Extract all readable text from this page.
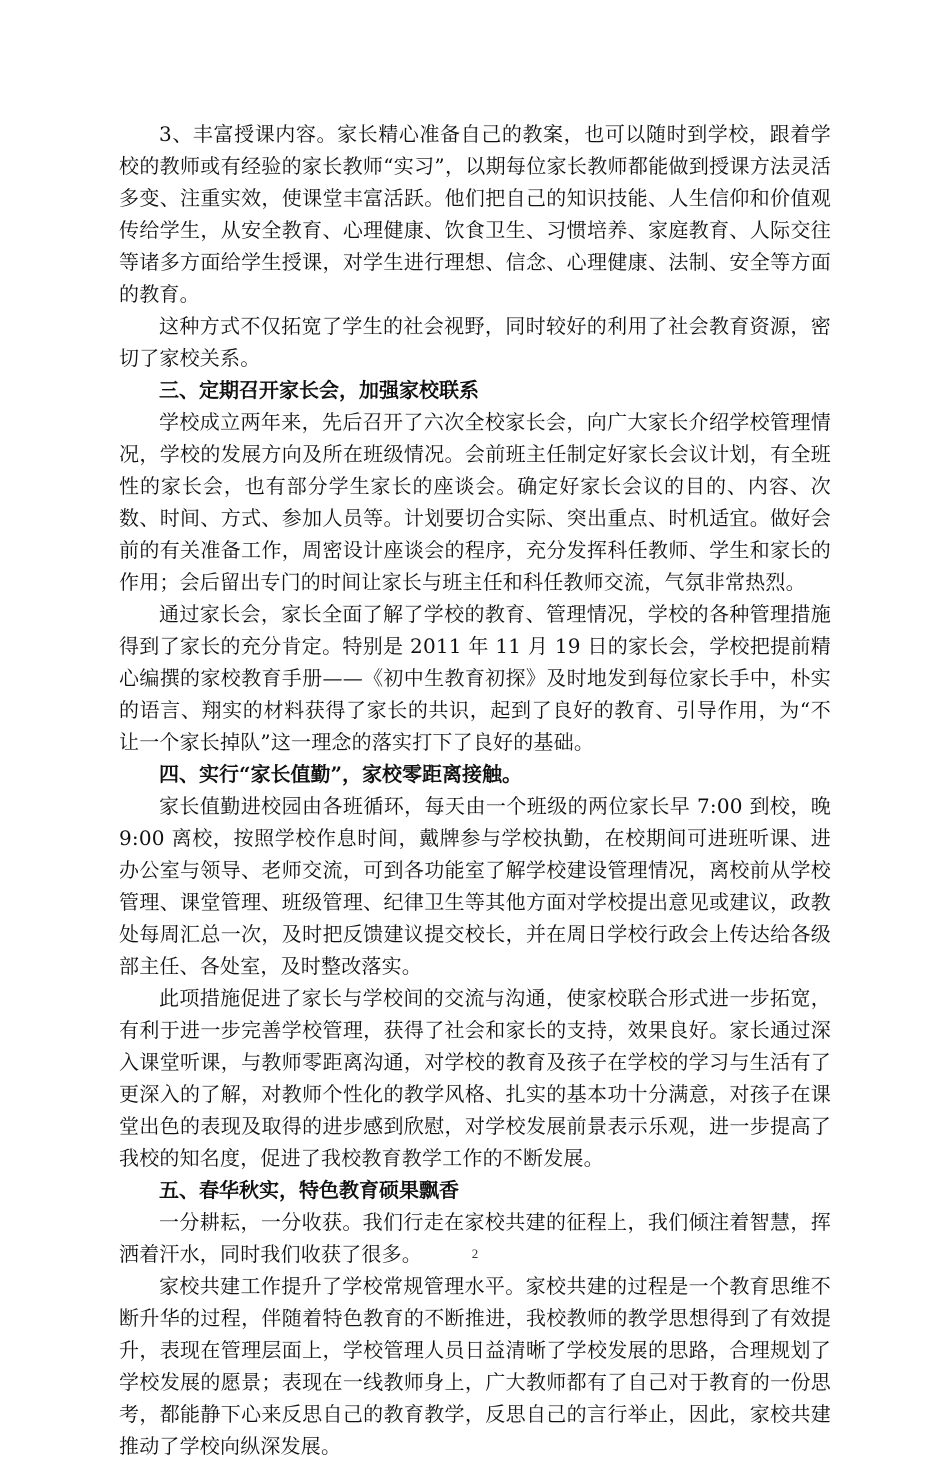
3、丰富授课内容。家长精心准备自己的教案，也可以随时到学校，跟着学校的教师或有经验的家长教师“实习”，以期每位家长教师都能做到授课方法灵活多变、注重实效，使课堂丰富活跃。他们把自己的知识技能、人生信仰和价值观传给学生，从安全教育、心理健康、饮食卫生、习惯培养、家庭教育、人际交往等诸多方面给学生授课，对学生进行理想、信念、心理健康、法制、安全等方面的教育。

这种方式不仅拓宽了学生的社会视野，同时较好的利用了社会教育资源，密切了家校关系。

三、定期召开家长会，加强家校联系

学校成立两年来，先后召开了六次全校家长会，向广大家长介绍学校管理情况，学校的发展方向及所在班级情况。会前班主任制定好家长会议计划，有全班性的家长会，也有部分学生家长的座谈会。确定好家长会议的目的、内容、次数、时间、方式、参加人员等。计划要切合实际、突出重点、时机适宜。做好会前的有关准备工作，周密设计座谈会的程序，充分发挥科任教师、学生和家长的作用；会后留出专门的时间让家长与班主任和科任教师交流，气氛非常热烈。

通过家长会，家长全面了解了学校的教育、管理情况，学校的各种管理措施得到了家长的充分肯定。特别是 2011 年 11 月 19 日的家长会，学校把提前精心编撰的家校教育手册——《初中生教育初探》及时地发到每位家长手中，朴实的语言、翔实的材料获得了家长的共识，起到了良好的教育、引导作用，为“不让一个家长掉队”这一理念的落实打下了良好的基础。

四、实行“家长值勤”，家校零距离接触。

家长值勤进校园由各班循环，每天由一个班级的两位家长早 7:00 到校，晚 9:00 离校，按照学校作息时间，戴牌参与学校执勤，在校期间可进班听课、进办公室与领导、老师交流，可到各功能室了解学校建设管理情况，离校前从学校管理、课堂管理、班级管理、纪律卫生等其他方面对学校提出意见或建议，政教处每周汇总一次，及时把反馈建议提交校长，并在周日学校行政会上传达给各级部主任、各处室，及时整改落实。

此项措施促进了家长与学校间的交流与沟通，使家校联合形式进一步拓宽，有利于进一步完善学校管理，获得了社会和家长的支持，效果良好。家长通过深入课堂听课，与教师零距离沟通，对学校的教育及孩子在学校的学习与生活有了更深入的了解，对教师个性化的教学风格、扎实的基本功十分满意，对孩子在课堂出色的表现及取得的进步感到欣慰，对学校发展前景表示乐观，进一步提高了我校的知名度，促进了我校教育教学工作的不断发展。

五、春华秋实，特色教育硕果飘香

一分耕耘，一分收获。我们行走在家校共建的征程上，我们倾注着智慧，挥洒着汗水，同时我们收获了很多。

家校共建工作提升了学校常规管理水平。家校共建的过程是一个教育思维不断升华的过程，伴随着特色教育的不断推进，我校教师的教学思想得到了有效提升，表现在管理层面上，学校管理人员日益清晰了学校发展的思路，合理规划了学校发展的愿景；表现在一线教师身上，广大教师都有了自己对于教育的一份思考，都能静下心来反思自己的教育教学，反思自己的言行举止，因此，家校共建推动了学校向纵深发展。

2
